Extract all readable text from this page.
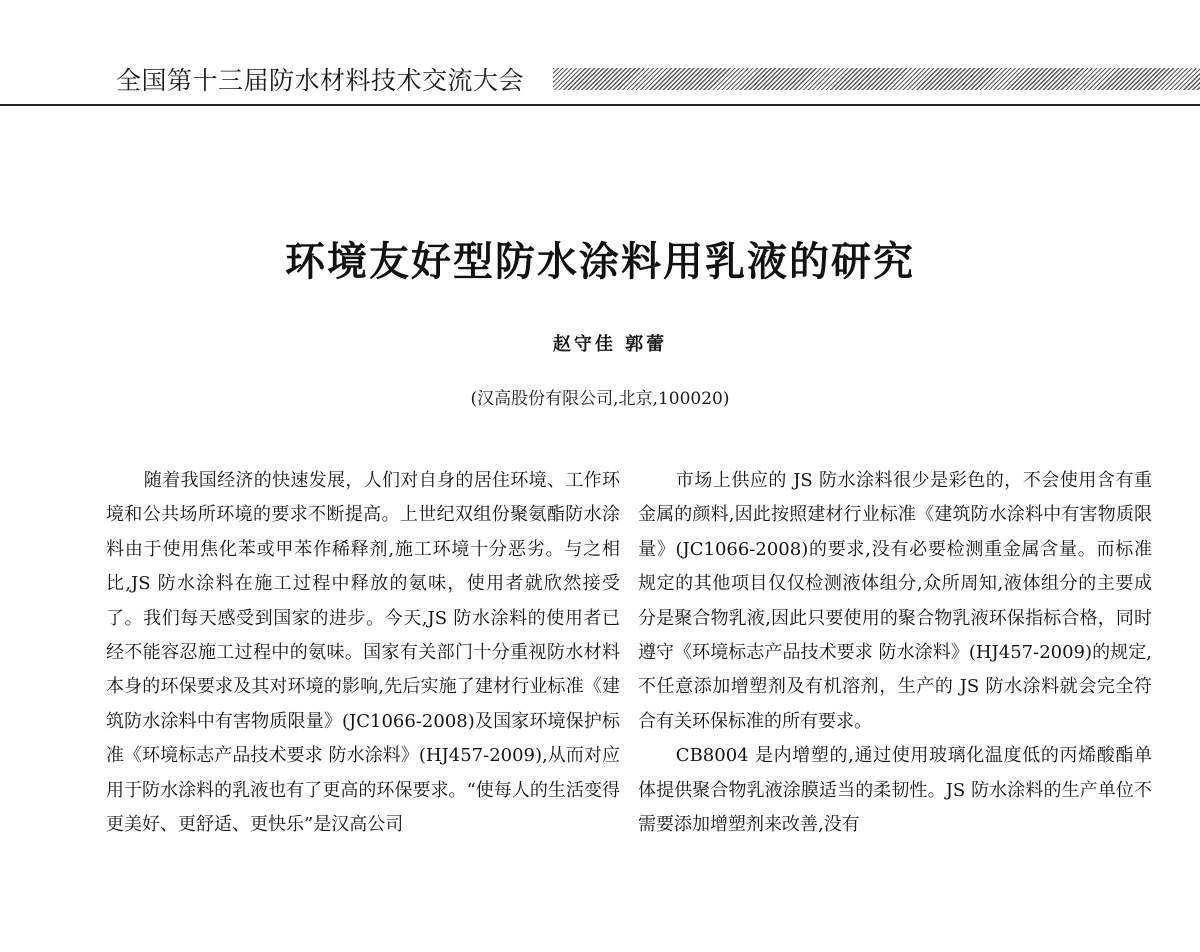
全国第十三届防水材料技术交流大会
环境友好型防水涂料用乳液的研究
赵守佳 郭蕾
(汉高股份有限公司,北京,100020)

随着我国经济的快速发展，人们对自身的居住环境、工作环境和公共场所环境的要求不断提高。上世纪双组份聚氨酯防水涂料由于使用焦化苯或甲苯作稀释剂,施工环境十分恶劣。与之相比,JS 防水涂料在施工过程中释放的氨味，使用者就欣然接受了。我们每天感受到国家的进步。今天,JS 防水涂料的使用者已经不能容忍施工过程中的氨味。国家有关部门十分重视防水材料本身的环保要求及其对环境的影响,先后实施了建材行业标准《建筑防水涂料中有害物质限量》(JC1066-2008)及国家环境保护标准《环境标志产品技术要求 防水涂料》(HJ457-2009),从而对应用于防水涂料的乳液也有了更高的环保要求。“使每人的生活变得更美好、更舒适、更快乐”是汉高公司

市场上供应的 JS 防水涂料很少是彩色的，不会使用含有重金属的颜料,因此按照建材行业标准《建筑防水涂料中有害物质限量》(JC1066-2008)的要求,没有必要检测重金属含量。而标准规定的其他项目仅仅检测液体组分,众所周知,液体组分的主要成分是聚合物乳液,因此只要使用的聚合物乳液环保指标合格，同时遵守《环境标志产品技术要求 防水涂料》(HJ457-2009)的规定,不任意添加增塑剂及有机溶剂，生产的 JS 防水涂料就会完全符合有关环保标准的所有要求。

CB8004 是内增塑的,通过使用玻璃化温度低的丙烯酸酯单体提供聚合物乳液涂膜适当的柔韧性。JS 防水涂料的生产单位不需要添加增塑剂来改善,没有
